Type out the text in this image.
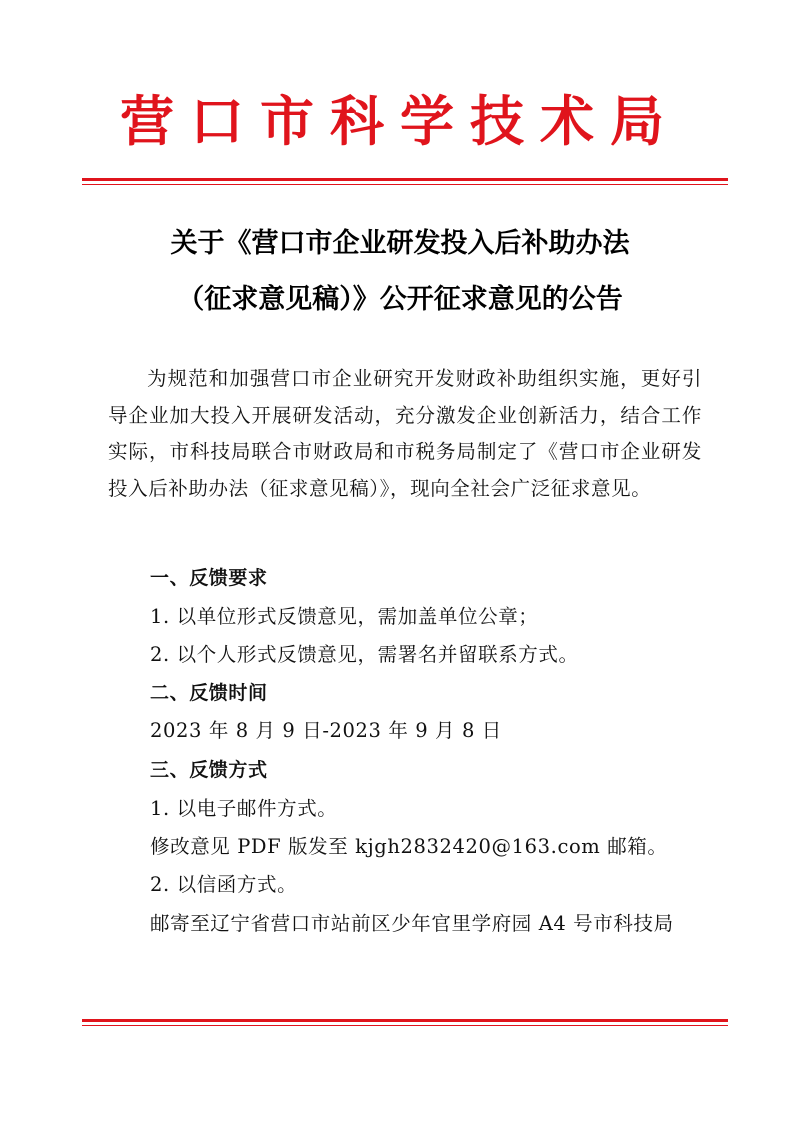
营口市科学技术局
关于《营口市企业研发投入后补助办法
（征求意见稿）》公开征求意见的公告

为规范和加强营口市企业研究开发财政补助组织实施，更好引导企业加大投入开展研发活动，充分激发企业创新活力，结合工作实际，市科技局联合市财政局和市税务局制定了《营口市企业研发投入后补助办法（征求意见稿）》，现向全社会广泛征求意见。

一、反馈要求
1. 以单位形式反馈意见，需加盖单位公章；
2. 以个人形式反馈意见，需署名并留联系方式。
二、反馈时间
2023 年 8 月 9 日-2023 年 9 月 8 日
三、反馈方式
1. 以电子邮件方式。
修改意见 PDF 版发至 kjgh2832420@163.com 邮箱。
2. 以信函方式。
邮寄至辽宁省营口市站前区少年官里学府园 A4 号市科技局
